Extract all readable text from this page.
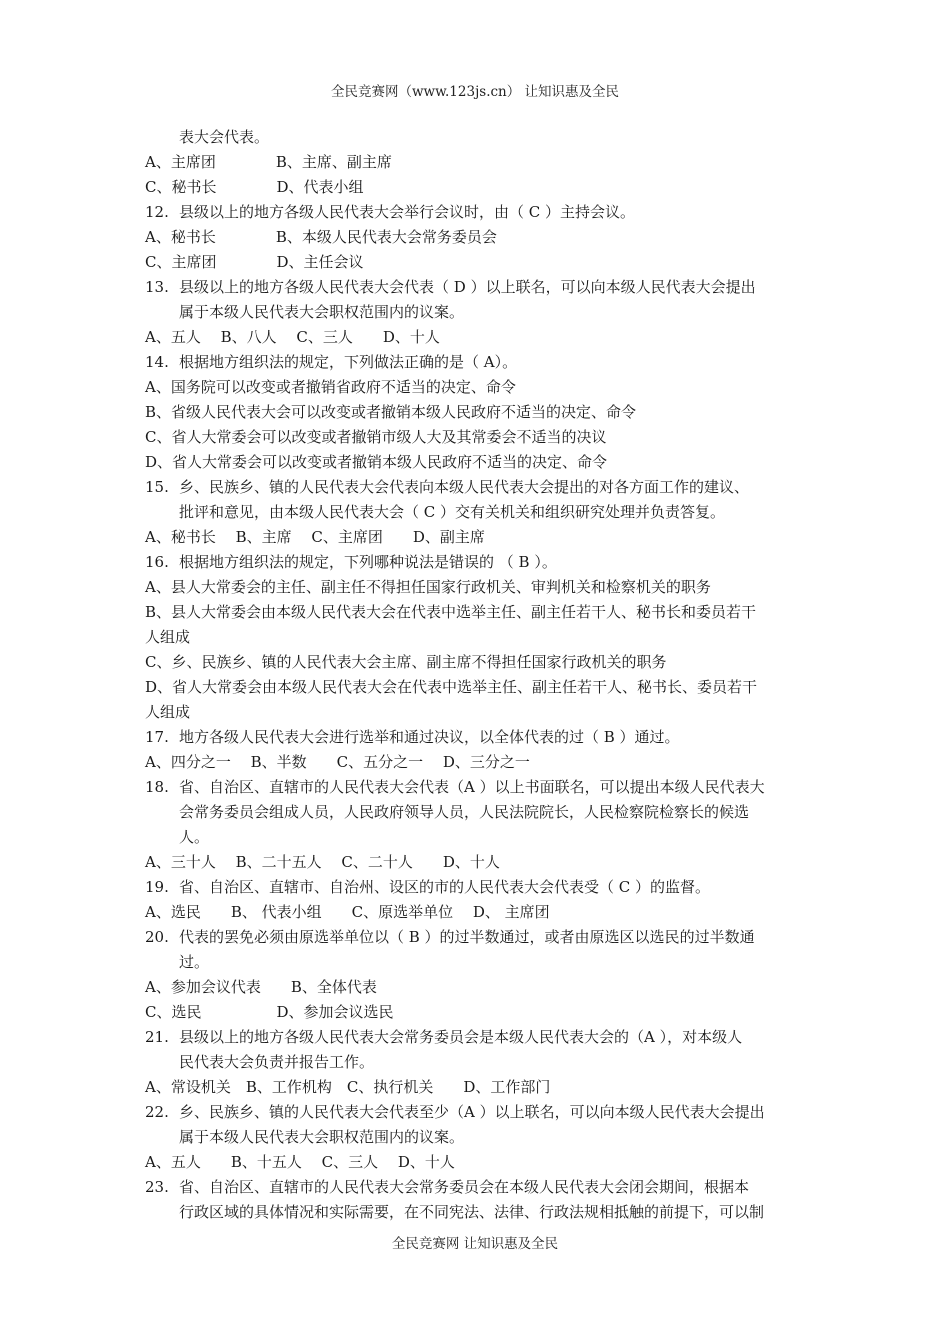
全民竞赛网（www.123js.cn） 让知识惠及全民
表大会代表。
A、主席团　　　　B、主席、副主席
C、秘书长　　　　D、代表小组
12. 县级以上的地方各级人民代表大会举行会议时，由（ C ）主持会议。
A、秘书长　　　　B、本级人民代表大会常务委员会
C、主席团　　　　D、主任会议
13. 县级以上的地方各级人民代表大会代表（ D ）以上联名，可以向本级人民代表大会提出
属于本级人民代表大会职权范围内的议案。
A、五人　 B、八人　 C、三人　　D、十人
14. 根据地方组织法的规定，下列做法正确的是（ A）。
A、国务院可以改变或者撤销省政府不适当的决定、命令
B、省级人民代表大会可以改变或者撤销本级人民政府不适当的决定、命令
C、省人大常委会可以改变或者撤销市级人大及其常委会不适当的决议
D、省人大常委会可以改变或者撤销本级人民政府不适当的决定、命令
15. 乡、民族乡、镇的人民代表大会代表向本级人民代表大会提出的对各方面工作的建议、
批评和意见，由本级人民代表大会（ C ）交有关机关和组织研究处理并负责答复。
A、秘书长　 B、主席　 C、主席团　　D、副主席
16. 根据地方组织法的规定，下列哪种说法是错误的 （ B ）。
A、县人大常委会的主任、副主任不得担任国家行政机关、审判机关和检察机关的职务
B、县人大常委会由本级人民代表大会在代表中选举主任、副主任若干人、秘书长和委员若干
人组成
C、乡、民族乡、镇的人民代表大会主席、副主席不得担任国家行政机关的职务
D、省人大常委会由本级人民代表大会在代表中选举主任、副主任若干人、秘书长、委员若干
人组成
17. 地方各级人民代表大会进行选举和通过决议，以全体代表的过（ B ）通过。
A、四分之一　 B、半数　　C、五分之一　 D、三分之一
18. 省、自治区、直辖市的人民代表大会代表（A ）以上书面联名，可以提出本级人民代表大
会常务委员会组成人员，人民政府领导人员，人民法院院长，人民检察院检察长的候选
人。
A、三十人　 B、二十五人　 C、二十人　　D、十人
19. 省、自治区、直辖市、自治州、设区的市的人民代表大会代表受（ C ）的监督。
A、选民　　B、 代表小组　　C、原选举单位　 D、 主席团
20. 代表的罢免必须由原选举单位以（ B ）的过半数通过，或者由原选区以选民的过半数通
过。
A、参加会议代表　　B、全体代表
C、选民　　　　　D、参加会议选民
21. 县级以上的地方各级人民代表大会常务委员会是本级人民代表大会的（A ），对本级人
民代表大会负责并报告工作。
A、常设机关　B、工作机构　C、执行机关　　D、工作部门
22. 乡、民族乡、镇的人民代表大会代表至少（A ）以上联名，可以向本级人民代表大会提出
属于本级人民代表大会职权范围内的议案。
A、五人　　B、十五人　 C、三人　 D、十人
23. 省、自治区、直辖市的人民代表大会常务委员会在本级人民代表大会闭会期间，根据本
行政区域的具体情况和实际需要，在不同宪法、法律、行政法规相抵触的前提下，可以制
全民竞赛网 让知识惠及全民
